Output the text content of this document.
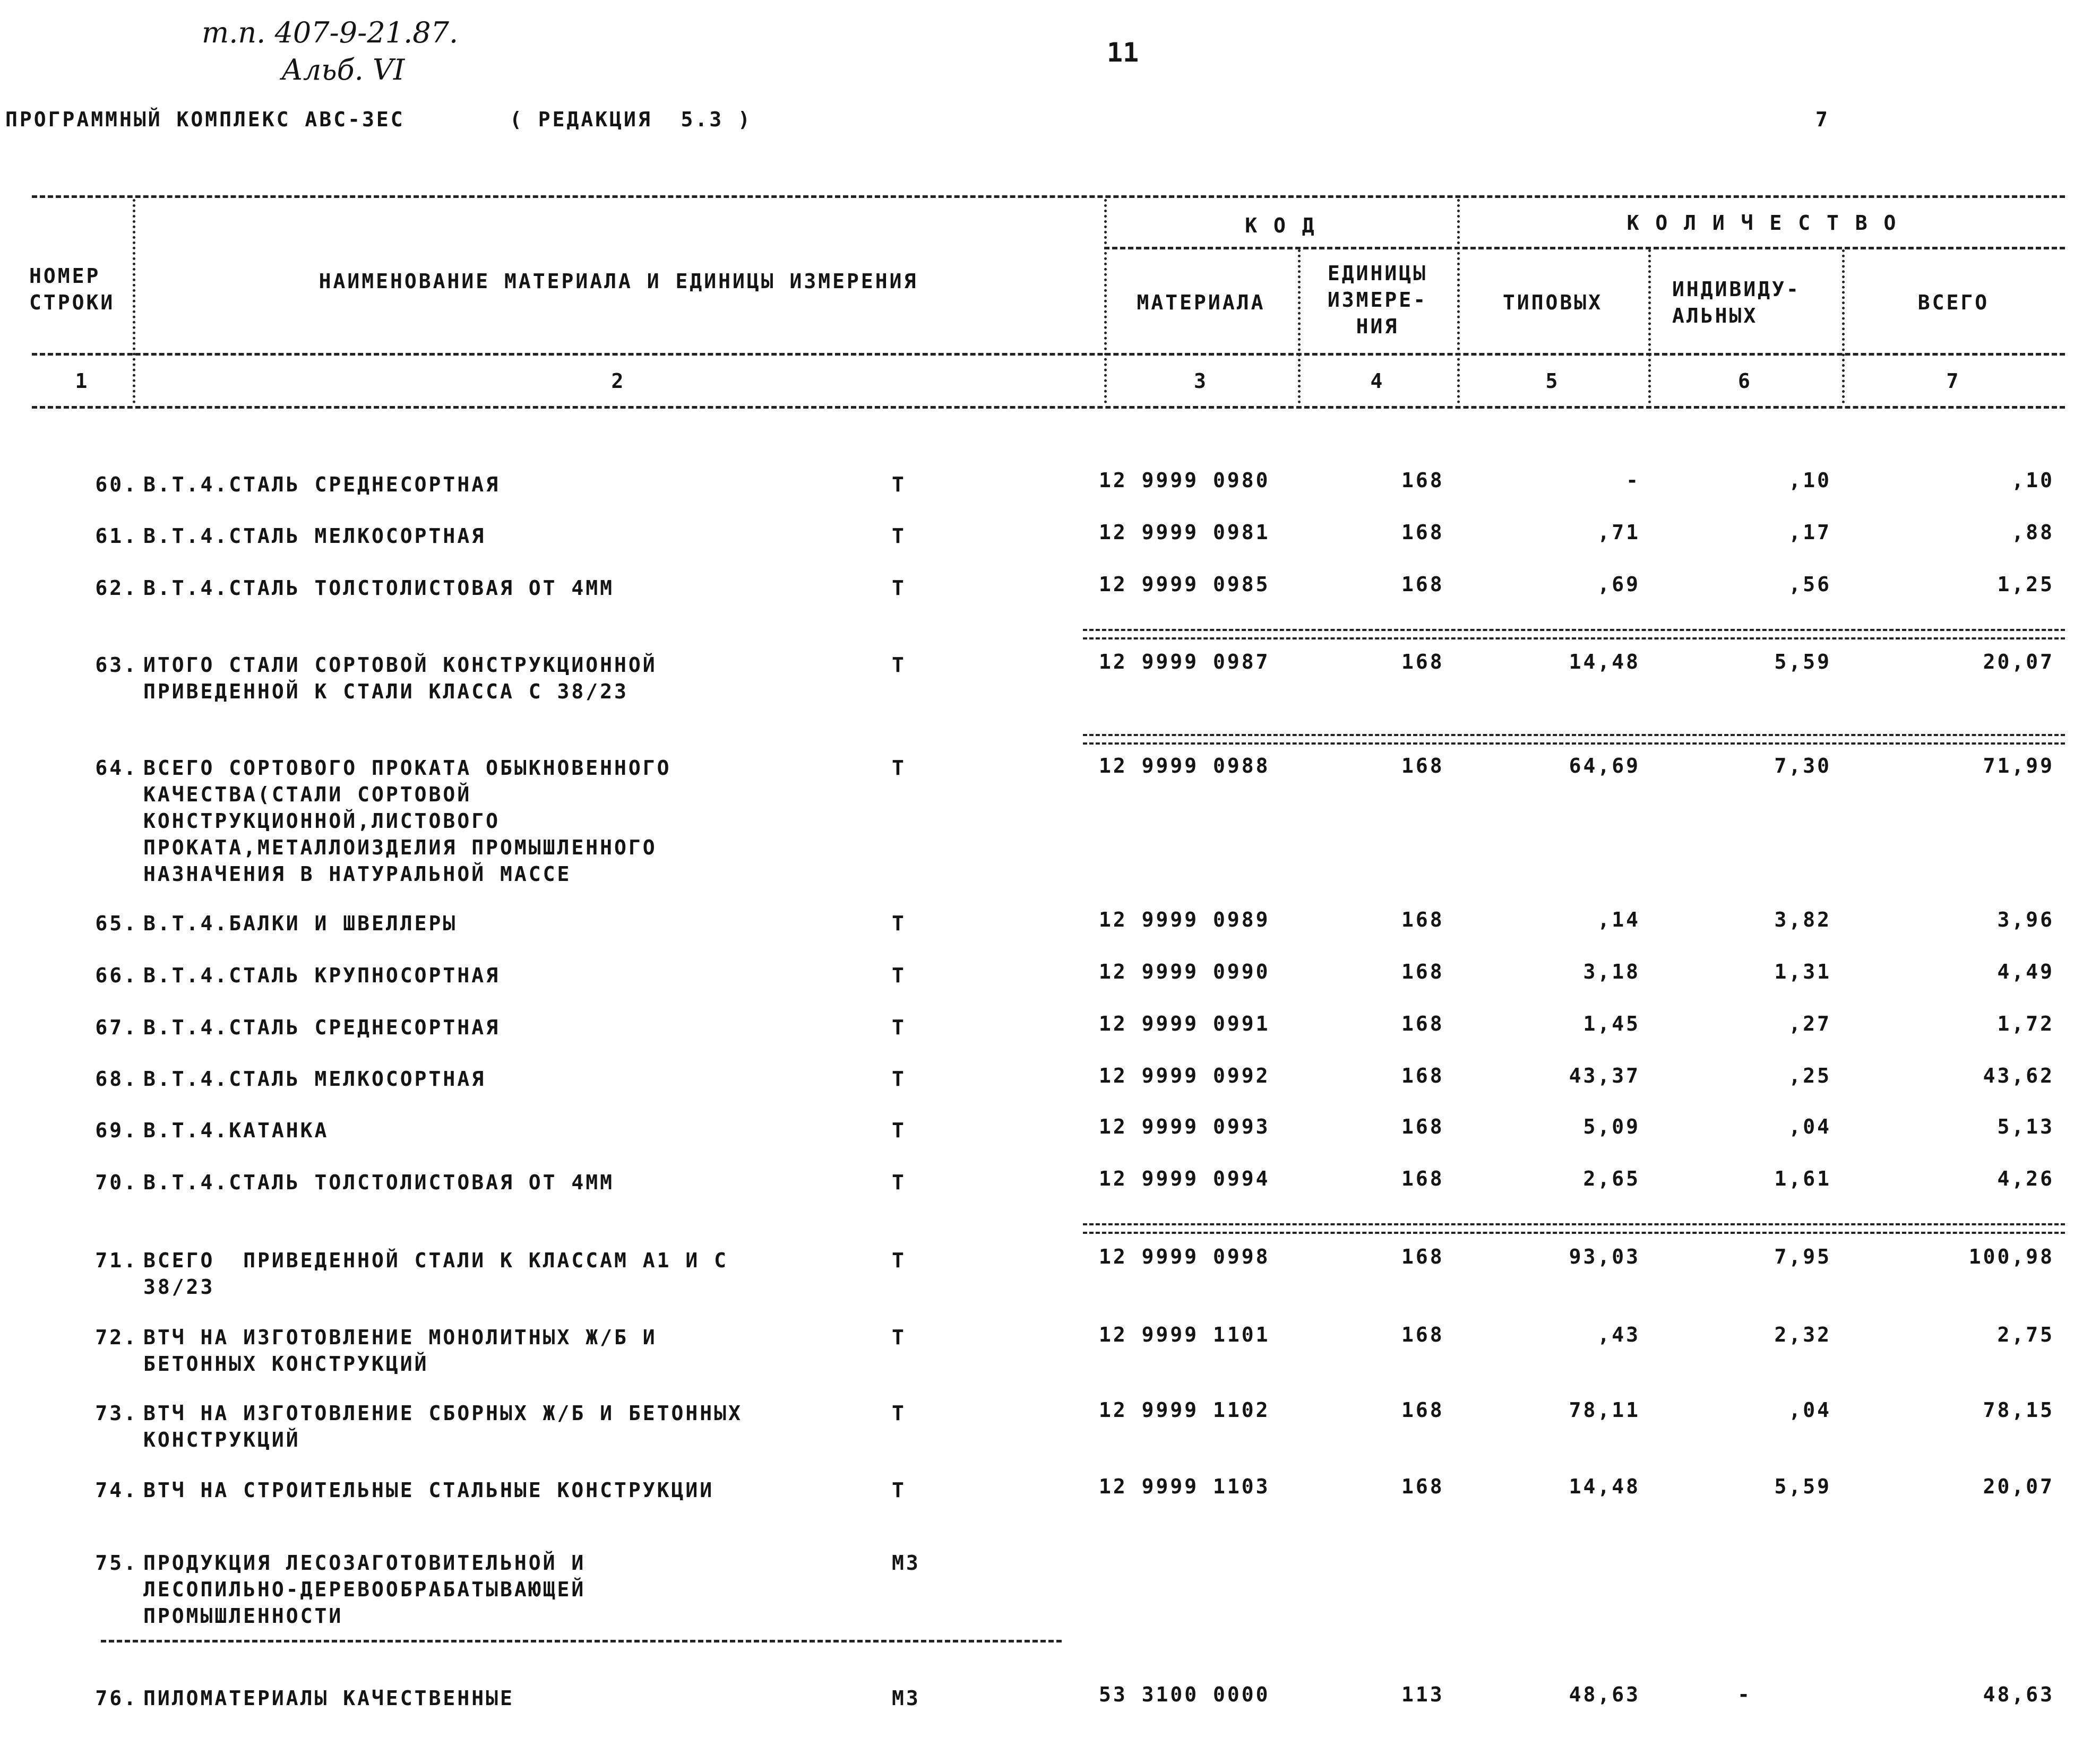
т.п. 407-9-21.87.
Альб. VI
11
ПРОГРАММНЫЙ КОМПЛЕКС АВС-3ЕС	( РЕДАКЦИЯ  5.3 )	7
НОМЕР
СТРОКИ
НАИМЕНОВАНИЕ МАТЕРИАЛА И ЕДИНИЦЫ ИЗМЕРЕНИЯ
К О Д	К О Л И Ч Е С Т В О
МАТЕРИАЛА
ЕДИНИЦЫ
ИЗМЕРЕ-
НИЯ
ТИПОВЫХ
ИНДИВИДУ-
АЛЬНЫХ
ВСЕГО
1	2	3	4	5	6	7
60. В.Т.4.СТАЛЬ СРЕДНЕСОРТНАЯ	Т	12 9999 0980	168	-	,10	,10
61. В.Т.4.СТАЛЬ МЕЛКОСОРТНАЯ	Т	12 9999 0981	168	,71	,17	,88
62. В.Т.4.СТАЛЬ ТОЛСТОЛИСТОВАЯ ОТ 4ММ	Т	12 9999 0985	168	,69	,56	1,25
63. ИТОГО СТАЛИ СОРТОВОЙ КОНСТРУКЦИОННОЙ
ПРИВЕДЕННОЙ К СТАЛИ КЛАССА С 38/23
Т	12 9999 0987	168	14,48	5,59	20,07
64. ВСЕГО СОРТОВОГО ПРОКАТА ОБЫКНОВЕННОГО
КАЧЕСТВА(СТАЛИ СОРТОВОЙ
КОНСТРУКЦИОННОЙ,ЛИСТОВОГО
ПРОКАТА,МЕТАЛЛОИЗДЕЛИЯ ПРОМЫШЛЕННОГО
НАЗНАЧЕНИЯ В НАТУРАЛЬНОЙ МАССЕ
Т	12 9999 0988	168	64,69	7,30	71,99
65. В.Т.4.БАЛКИ И ШВЕЛЛЕРЫ	Т	12 9999 0989	168	,14	3,82	3,96
66. В.Т.4.СТАЛЬ КРУПНОСОРТНАЯ	Т	12 9999 0990	168	3,18	1,31	4,49
67. В.Т.4.СТАЛЬ СРЕДНЕСОРТНАЯ	Т	12 9999 0991	168	1,45	,27	1,72
68. В.Т.4.СТАЛЬ МЕЛКОСОРТНАЯ	Т	12 9999 0992	168	43,37	,25	43,62
69. В.Т.4.КАТАНКА	Т	12 9999 0993	168	5,09	,04	5,13
70. В.Т.4.СТАЛЬ ТОЛСТОЛИСТОВАЯ ОТ 4ММ	Т	12 9999 0994	168	2,65	1,61	4,26
71. ВСЕГО  ПРИВЕДЕННОЙ СТАЛИ К КЛАССАМ А1 И С
38/23
Т	12 9999 0998	168	93,03	7,95	100,98
72. ВТЧ НА ИЗГОТОВЛЕНИЕ МОНОЛИТНЫХ Ж/Б И
БЕТОННЫХ КОНСТРУКЦИЙ
Т	12 9999 1101	168	,43	2,32	2,75
73. ВТЧ НА ИЗГОТОВЛЕНИЕ СБОРНЫХ Ж/Б И БЕТОННЫХ
КОНСТРУКЦИЙ
Т	12 9999 1102	168	78,11	,04	78,15
74. ВТЧ НА СТРОИТЕЛЬНЫЕ СТАЛЬНЫЕ КОНСТРУКЦИИ	Т	12 9999 1103	168	14,48	5,59	20,07
75. ПРОДУКЦИЯ ЛЕСОЗАГОТОВИТЕЛЬНОЙ И
ЛЕСОПИЛЬНО-ДЕРЕВООБРАБАТЫВАЮЩЕЙ
ПРОМЫШЛЕННОСТИ
М3
76. ПИЛОМАТЕРИАЛЫ КАЧЕСТВЕННЫЕ	М3	53 3100 0000	113	48,63	-	48,63
